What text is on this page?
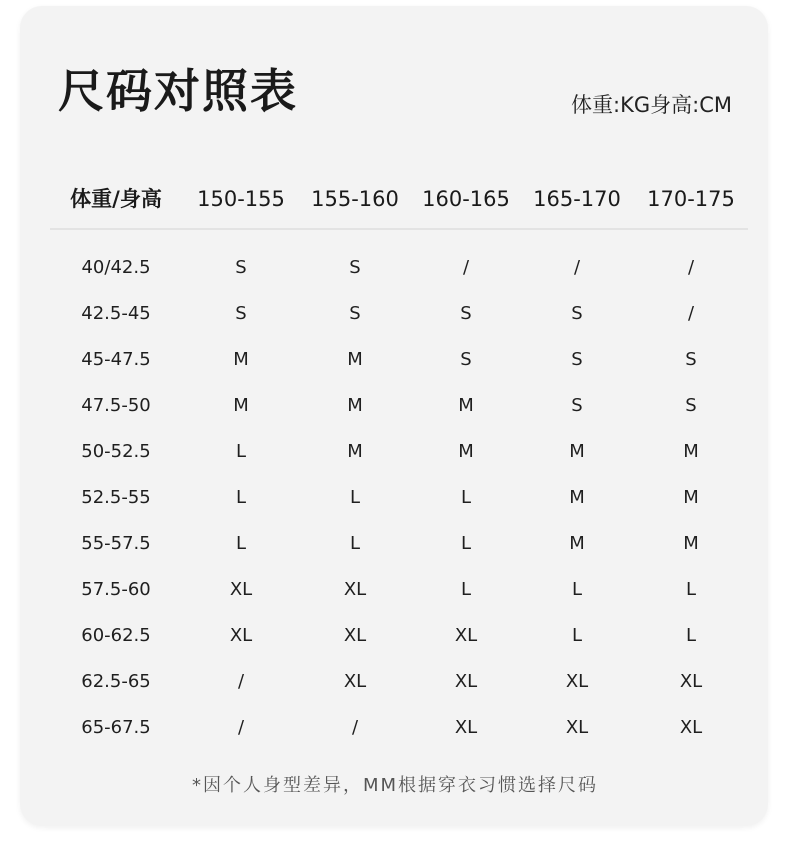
尺码对照表	体重:KG身高:CM
体重/身高 150-155 155-160 160-165 165-170 170-175
40/42.5	S	S	/	/	/
42.5-45	S	S	S	S	/
45-47.5	M	M	S	S	S
47.5-50	M	M	M	S	S
50-52.5	L	M	M	M	M
52.5-55	L	L	L	M	M
55-57.5	L	L	L	M	M
57.5-60	XL	XL	L	L	L
60-62.5	XL	XL	XL	L	L
62.5-65	/	XL	XL	XL	XL
65-67.5	/	/	XL	XL	XL
*因个人身型差异，MM根据穿衣习惯选择尺码
